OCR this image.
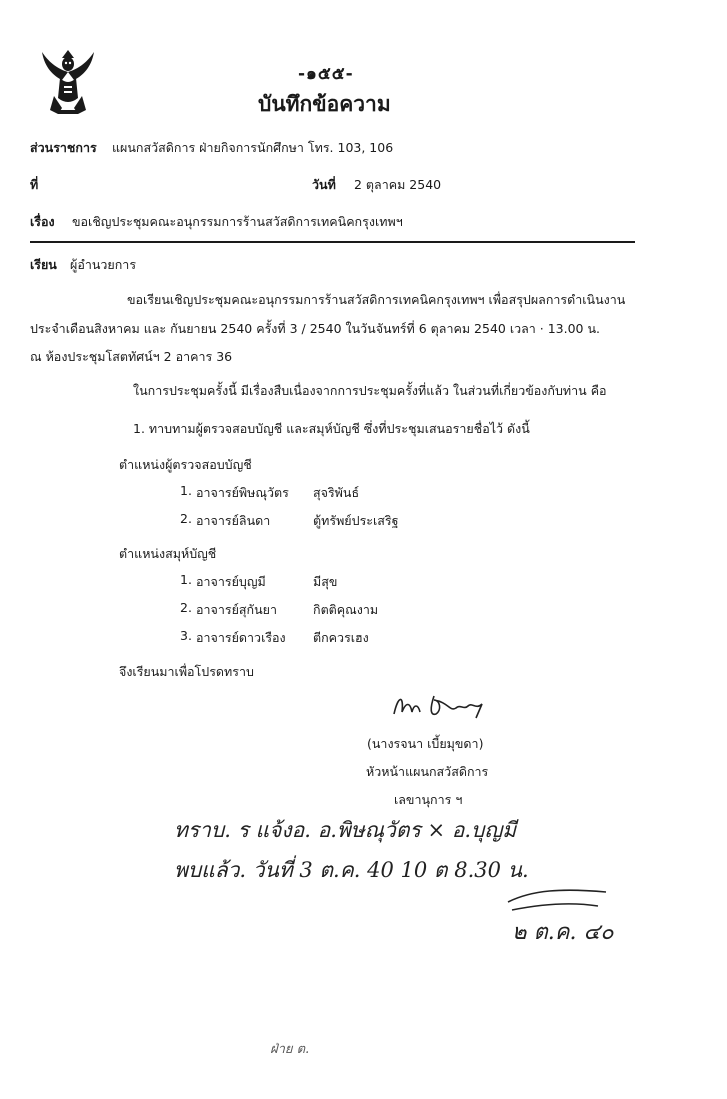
-๑๕๕-
บันทึกข้อความ
ส่วนราชการ แผนกสวัสดิการ ฝ่ายกิจการนักศึกษา โทร. 103, 106
ที่	วันที่ 2 ตุลาคม 2540
เรื่อง ขอเชิญประชุมคณะอนุกรรมการร้านสวัสดิการเทคนิคกรุงเทพฯ
เรียน ผู้อำนวยการ
ขอเรียนเชิญประชุมคณะอนุกรรมการร้านสวัสดิการเทคนิคกรุงเทพฯ เพื่อสรุปผลการดำเนินงาน
ประจำเดือนสิงหาคม และ กันยายน 2540 ครั้งที่ 3 / 2540 ในวันจันทร์ที่ 6 ตุลาคม 2540 เวลา · 13.00 น.
ณ ห้องประชุมโสตทัศน์ฯ 2 อาคาร 36
ในการประชุมครั้งนี้ มีเรื่องสืบเนื่องจากการประชุมครั้งที่แล้ว ในส่วนที่เกี่ยวข้องกับท่าน คือ
1. ทาบทามผู้ตรวจสอบบัญชี และสมุห์บัญชี ซึ่งที่ประชุมเสนอรายชื่อไว้ ดังนี้
ตำแหน่งผู้ตรวจสอบบัญชี
1. อาจารย์พิษณุวัตร สุจริพันธ์
2. อาจารย์ลินดา	ตู้ทรัพย์ประเสริฐ
ตำแหน่งสมุห์บัญชี
1. อาจารย์บุญมี	มีสุข
2. อาจารย์สุกันยา	กิตติคุณงาม
3. อาจารย์ดาวเรือง ตีกควรเฮง
จึงเรียนมาเพื่อโปรดทราบ
(นางรจนา เบี้ยมุขดา)
หัวหน้าแผนกสวัสดิการ
เลขานุการ ฯ
ทราบ. ร แจ้งอ. อ.พิษณุวัตร × อ.บุญมี
พบแล้ว. วันที่ 3 ต.ค. 40 10 ต 8.30 น.
๒ ต.ค. ๔๐
ฝ่าย ต.
